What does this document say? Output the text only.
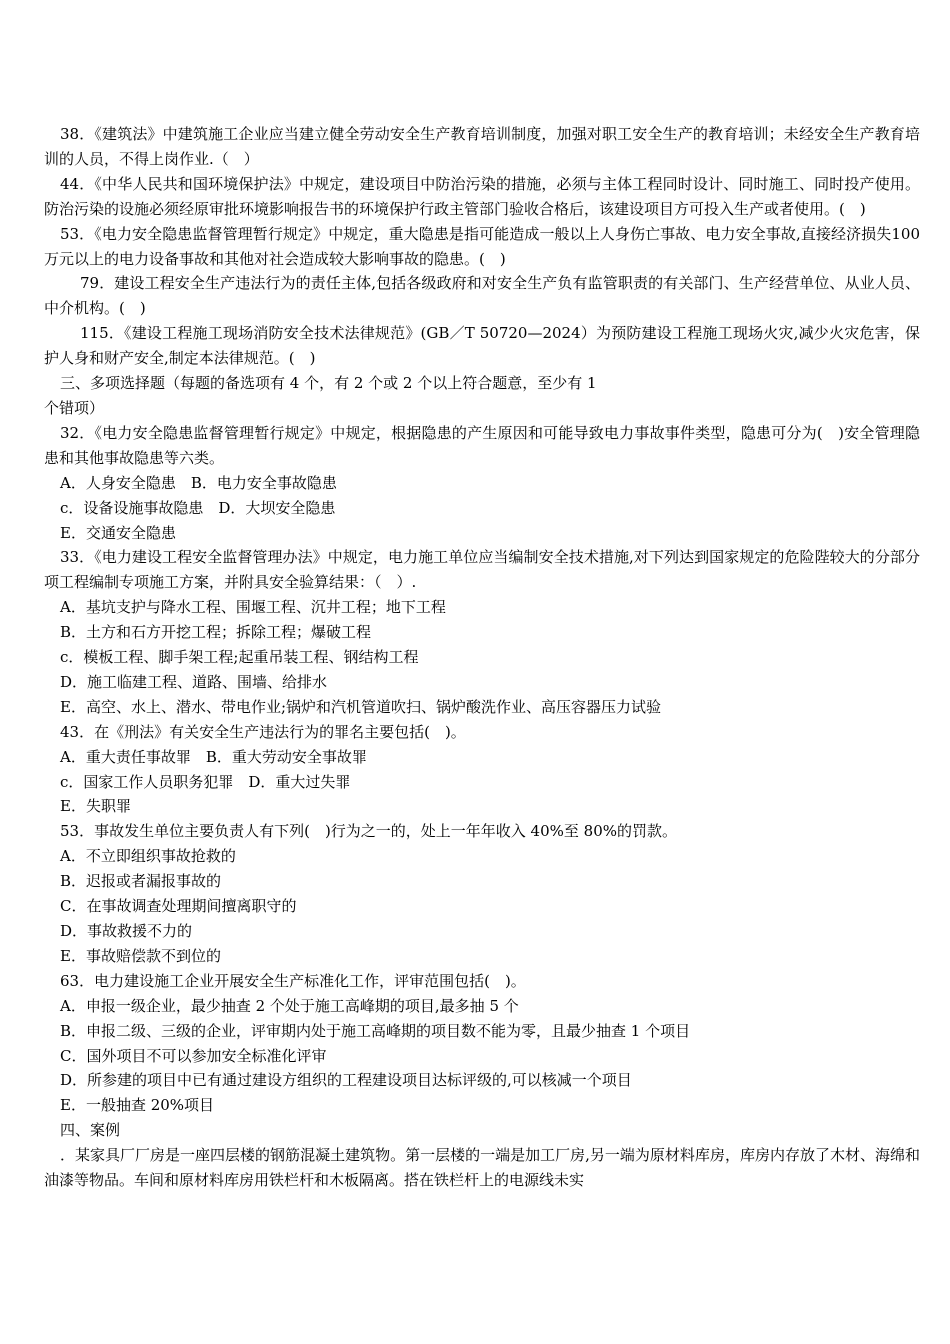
38．《建筑法》中建筑施工企业应当建立健全劳动安全生产教育培训制度，加强对职工安全生产的教育培训；未经安全生产教育培训的人员，不得上岗作业.（　）

44．《中华人民共和国环境保护法》中规定，建设项目中防治污染的措施，必须与主体工程同时设计、同时施工、同时投产使用。防治污染的设施必须经原审批环境影响报告书的环境保护行政主管部门验收合格后，该建设项目方可投入生产或者使用。(　)

53．《电力安全隐患监督管理暂行规定》中规定，重大隐患是指可能造成一般以上人身伤亡事故、电力安全事故,直接经济损失100万元以上的电力设备事故和其他对社会造成较大影响事故的隐患。(　)

79．建设工程安全生产违法行为的责任主体,包括各级政府和对安全生产负有监管职责的有关部门、生产经营单位、从业人员、中介机构。(　)

115．《建设工程施工现场消防安全技术法律规范》(GB／T 50720—2024）为预防建设工程施工现场火灾,减少火灾危害，保护人身和财产安全,制定本法律规范。(　)

三、多项选择题（每题的备选项有 4 个，有 2 个或 2 个以上符合题意，至少有 1

个错项）

32．《电力安全隐患监督管理暂行规定》中规定，根据隐患的产生原因和可能导致电力事故事件类型，隐患可分为(　)安全管理隐患和其他事故隐患等六类。

A．人身安全隐患　B．电力安全事故隐患

c．设备设施事故隐患　D．大坝安全隐患

E．交通安全隐患

33．《电力建设工程安全监督管理办法》中规定，电力施工单位应当编制安全技术措施,对下列达到国家规定的危险陛较大的分部分项工程编制专项施工方案，并附具安全验算结果：（　）.

A．基坑支护与降水工程、围堰工程、沉井工程；地下工程

B．土方和石方开挖工程；拆除工程；爆破工程

c．模板工程、脚手架工程;起重吊装工程、钢结构工程

D．施工临建工程、道路、围墙、给排水

E．高空、水上、潜水、带电作业;锅炉和汽机管道吹扫、锅炉酸洗作业、高压容器压力试验

43．在《刑法》有关安全生产违法行为的罪名主要包括(　)。

A．重大责任事故罪　B．重大劳动安全事故罪

c．国家工作人员职务犯罪　D．重大过失罪

E．失职罪

53．事故发生单位主要负责人有下列(　)行为之一的，处上一年年收入 40%至 80%的罚款。

A．不立即组织事故抢救的

B．迟报或者漏报事故的

C．在事故调查处理期间擅离职守的

D．事故救援不力的

E．事故赔偿款不到位的

63．电力建设施工企业开展安全生产标准化工作，评审范围包括(　)。

A．申报一级企业，最少抽查 2 个处于施工高峰期的项目,最多抽 5 个

B．申报二级、三级的企业，评审期内处于施工高峰期的项目数不能为零，且最少抽查 1 个项目

C．国外项目不可以参加安全标准化评审

D．所参建的项目中已有通过建设方组织的工程建设项目达标评级的,可以核减一个项目

E．一般抽查 20%项目

四、案例

．某家具厂厂房是一座四层楼的钢筋混凝土建筑物。第一层楼的一端是加工厂房,另一端为原材料库房，库房内存放了木材、海绵和油漆等物品。车间和原材料库房用铁栏杆和木板隔离。搭在铁栏杆上的电源线未实
